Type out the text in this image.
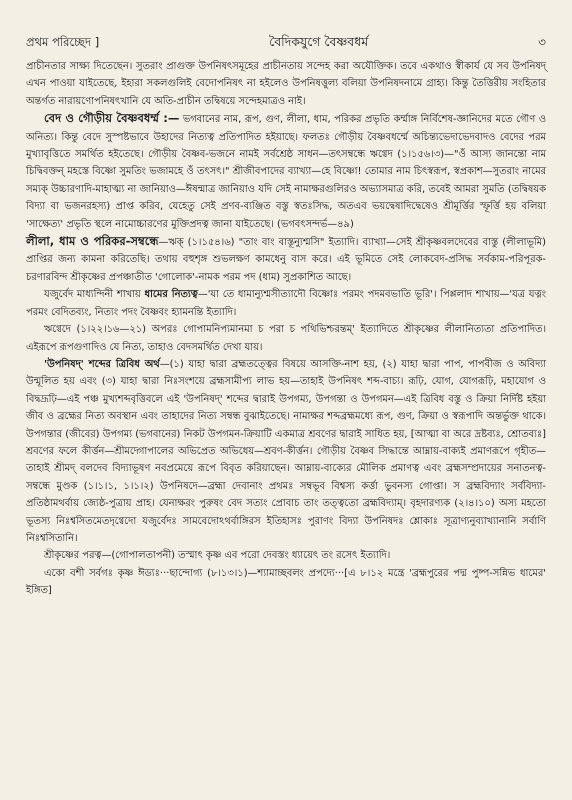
প্রথম পরিচ্ছেদ ]	বৈদিকযুগে বৈষ্ণবধর্ম	৩

প্রাচীনতার সাক্ষ্য দিতেছেন। সুতরাং প্রাগুক্ত উপনিষৎসমূহের প্রাচীনতায় সন্দেহ করা অযৌক্তিক। তবে একথাও স্বীকার্য যে সব উপনিষদ্ এখন পাওয়া যাইতেছে, ইহারা সকলগুলিই বেদোপনিষৎ না হইলেও উপনিষত্তুল্য বলিয়া উপনিষদনামে গ্রাহ্য। কিন্তু তৈত্তিরীয় সংহিতার অন্তর্গত নারায়ণোপনিষৎখানি যে অতি-প্রাচীন তদ্বিষয়ে সন্দেহমাত্রও নাই।

বেদ ও গৌড়ীয় বৈষ্ণবধর্ম্ম :— ভগবানের নাম, রূপ, গুণ, লীলা, ধাম, পরিকর প্রভৃতি কর্ম্মাঙ্গ নির্বিশেষ-জ্ঞানিদের মতে গৌণ ও অনিত্য। কিন্তু বেদে সুস্পষ্টভাবে উহাদের নিত্যত্ব প্রতিপাদিত হইয়াছে। ফলতঃ গৌড়ীয় বৈষ্ণবধর্ম্মে অচিন্ত্যভেদাভেদবাদও বেদের পরম মুখ্যাবৃত্তিতে সমর্থিত হইতেছে। গৌড়ীয় বৈষ্ণব-ভজনে নামই সর্বশ্রেষ্ঠ সাধন—তৎসম্বন্ধে ঋগ্বেদ (১।১৫৬।৩)—"ওঁ আস্য জানন্তো নাম চিদ্বিবক্তন্ মহস্তে বিষ্ণো সুমতিং ভজামহে ওঁ তৎসৎ।" শ্রীজীবপাদের ব্যাখ্যা—হে বিষ্ণো! তোমার নাম চিৎস্বরূপ, স্বপ্রকাশ—সুতরাং নামের সম্যক্ উচ্চারণাদি-মাহাত্ম্য না জানিয়াও—ঈষন্মাত্র জানিয়াও যদি সেই নামাক্ষরগুলিরও অভ্যাসমাত্র করি, তবেই আমরা সুমতি (তদ্বিষয়ক বিদ্যা বা ভজনরহস্য) প্রাপ্ত করিব, যেহেতু সেই প্রণব-ব্যঞ্জিত বস্তু স্বতঃসিদ্ধ, অতএব ভয়দ্বেষাদিদ্বেষেও শ্রীমূর্ত্তির স্ফূর্ত্তি হয় বলিয়া 'সাক্ষেত্য' প্রভৃতি স্থলে নামোচ্চারণের মুক্তিপ্রদত্ব জানা যাইতেছে। (ভগবৎসন্দর্ভ—৪৯)

লীলা, ধাম ও পরিকর-সম্বন্ধে—ঋক্ (১।১৫৪।৬) "তাং বাং বাস্তূন্যুশ্মসি" ইত্যাদি। ব্যাখ্যা—সেই শ্রীকৃষ্ণবলদেবের বাস্তু (লীলাভূমি) প্রাপ্তির জন্য কামনা করিতেছি। তথায় বহুশৃঙ্গ শুভলক্ষণ কামধেনু বাস করে। এই ভূমিতে সেই লোকবেদ-প্রসিদ্ধ সর্বকাম-পরিপূরক-চরণারবিন্দ শ্রীকৃষ্ণের প্রপঞ্চাতীত 'গোলোক'-নামক পরম পদ (ধাম) সুপ্রকাশিত আছে।

যজুর্বেদ মাধ্যন্দিনী শাখায় ধামের নিত্যত্ব—'যা তে ধামান্যুশ্মসীত্যাদৌ বিষ্ণোঃ পরমং পদমবভাতি ভূরি'। পিপ্পলাদ শাখায়—'যত্র যত্নং পরমং বেদিতব্যং, নিত্যং পদং বৈষ্ণবং হ্যামনন্তি ইত্যাদি।

ঋগ্বেদে (১।২২।১৬—২১) অপরঃ গোপামনিপ্যমানমা চ পরা চ পথিভিশ্চরন্তম্' ইত্যাদিতে শ্রীকৃষ্ণের লীলানিত্যতা প্রতিপাদিত। এইরূপে রূপগুণাদিও যে নিত্য, তাহাও বেদসমর্থিত দেখা যায়।

'উপনিষদ্' শব্দের ত্রিবিধ অর্থ—(১) যাহা দ্বারা ব্রহ্মতত্ত্বের বিষয়ে আসক্তি-নাশ হয়, (২) যাহা দ্বারা পাপ, পাপবীজ ও অবিদ্যা উন্মূলিত হয় এবং (৩) যাহা দ্বারা নিঃসংশয়ে ব্রহ্মসামীপ্য লাভ হয়—তাহাই উপনিষৎ শব্দ-বাচ্য। রূঢ়ি, যোগ, যোগরূঢ়ি, মহাযোগ ও বিদ্বদ্রূঢ়ি—এই পঞ্চ মুখ্যশব্দবৃত্তিবলে এই 'উপনিষদ্' শব্দের দ্বারাই উপগম্য, উপগন্তা ও উপগমন—এই ত্রিবিধ বস্তু ও ক্রিয়া নির্দিষ্ট হইয়া জীব ও ব্রহ্মের নিত্য অবস্থান এবং তাহাদের নিত্য সম্বন্ধ বুঝাইতেছে। নামাক্ষর শব্দব্রহ্মমধ্যে রূপ, গুণ, ক্রিয়া ও স্বরূপাদি অন্তর্ভুক্ত থাকে। উপগন্তার (জীবের) উপগম্য (ভগবানের) নিকট উপগমন-ক্রিয়াটি একমাত্র শ্রবণের দ্বারাই সাধিত হয়, [আত্মা বা অরে দ্রষ্টব্যঃ, শ্রোতব্যঃ] শ্রবণের ফলে কীর্ত্তন—শ্রীমদ্গোপালের অভিপ্রেত অভিধেয়—শ্রবণ-কীর্ত্তন। গৌড়ীয় বৈষ্ণব সিদ্ধান্তে আম্নায়-বাক্যই প্রমাণরূপে গৃহীত—তাহাই শ্রীমদ্ বলদেব বিদ্যাভূষণ নবপ্রমেয়ে রূপে বিবৃত করিয়াছেন। আম্নায়-বাক্যের মৌলিক প্রমাণত্ব এবং ব্রহ্মসম্প্রদায়ের সনাতনত্ব-সম্বন্ধে মুণ্ডক (১।১।১, ১।১।২) উপনিষদে—ব্রহ্মা দেবানাং প্রথমঃ সম্বভূব বিশ্বস্য কর্ত্তা ভুবনস্য গোপ্তা। স ব্রহ্মবিদ্যাং সর্ববিদ্যা-প্রতিষ্ঠামথর্বায় জ্যেষ্ঠ-পুত্রায় প্রাহ। যেনাক্ষরং পুরুষং বেদ সত্যং প্রোবাচ তাং তত্ত্বতো ব্রহ্মবিদ্যাম্। বৃহদারণ্যক (২।৪।১০) অস্য মহতো ভূতস্য নিঃশ্বসিতমেতদৃগ্বেদো যজুর্বেদঃ সামবেদোঽথর্বাঙ্গিরস ইতিহাসঃ পুরাণং বিদ্যা উপনিষদঃ শ্লোকাঃ সূত্রাণ্যনুব্যাখ্যানানি সর্বাণি নিঃশ্বসিতানি।

শ্রীকৃষ্ণের পরত্ব—(গোপালতাপনী) তস্মাৎ কৃষ্ণ এব পরো দেবস্তং ধ্যায়েৎ তং রসেৎ ইত্যাদি।

একো বশী সর্বগঃ কৃষ্ণ ঈড্যঃ···ছান্দোগ্য (৮।১৩।১)—শ্যামাচ্ছবলং প্রপদ্যে···[এ ৮।১২ মন্ত্রে 'ব্রহ্মপুরের পদ্ম পুষ্প-সন্নিভ ধামের' ইঙ্গিত]
